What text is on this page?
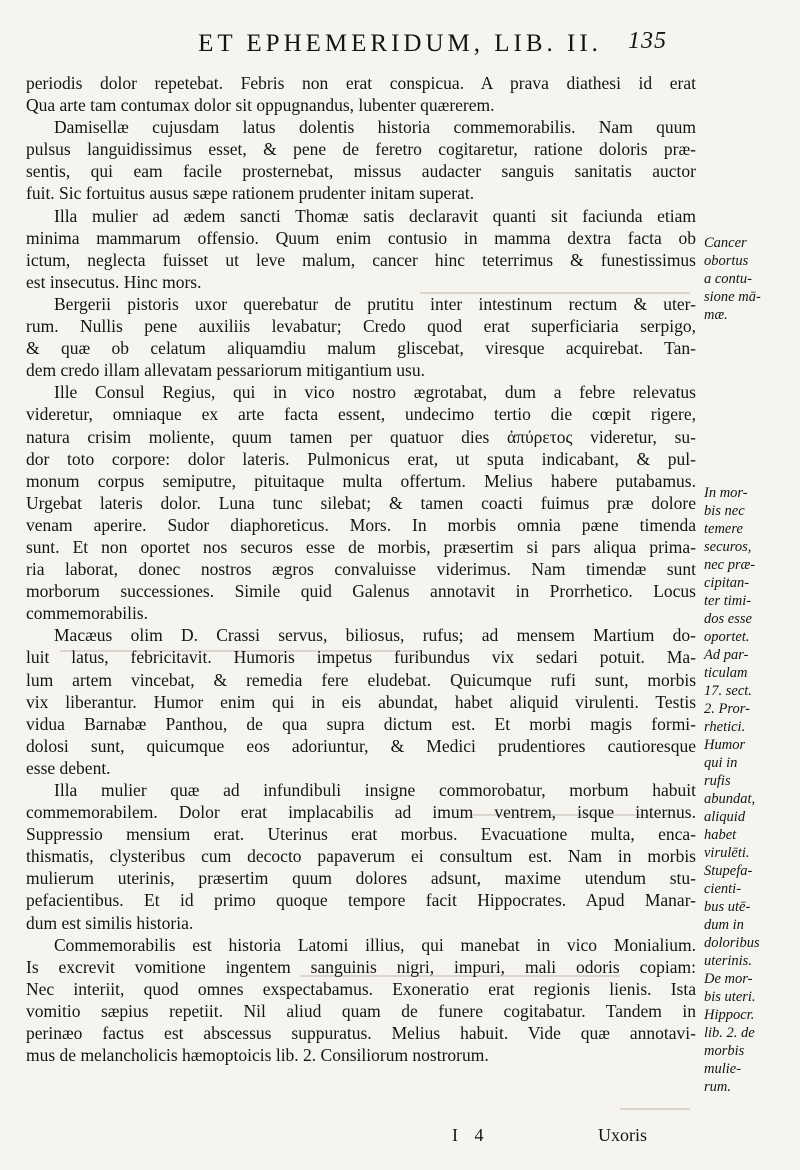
ET EPHEMERIDUM, LIB. II.	135
periodis dolor repetebat. Febris non erat conspicua. A prava diathesi id erat
Qua arte tam contumax dolor sit oppugnandus, lubenter quærerem.
Damisellæ cujusdam latus dolentis historia commemorabilis. Nam quum
pulsus languidissimus esset, & pene de feretro cogitaretur, ratione doloris præ-
sentis, qui eam facile prosternebat, missus audacter sanguis sanitatis auctor
fuit. Sic fortuitus ausus sæpe rationem prudenter initam superat.
Illa mulier ad ædem sancti Thomæ satis declaravit quanti sit faciunda etiam
minima mammarum offensio. Quum enim contusio in mamma dextra facta ob
ictum, neglecta fuisset ut leve malum, cancer hinc teterrimus & funestissimus
est insecutus. Hinc mors.
Bergerii pistoris uxor querebatur de prutitu inter intestinum rectum & uter-
rum. Nullis pene auxiliis levabatur; Credo quod erat superficiaria serpigo,
& quæ ob celatum aliquamdiu malum gliscebat, viresque acquirebat. Tan-
dem credo illam allevatam pessariorum mitigantium usu.
Ille Consul Regius, qui in vico nostro ægrotabat, dum a febre relevatus
videretur, omniaque ex arte facta essent, undecimo tertio die cœpit rigere,
natura crisim moliente, quum tamen per quatuor dies ἀπύρετος videretur, su-
dor toto corpore: dolor lateris. Pulmonicus erat, ut sputa indicabant, & pul-
monum corpus semiputre, pituitaque multa offertum. Melius habere putabamus.
Urgebat lateris dolor. Luna tunc silebat; & tamen coacti fuimus præ dolore
venam aperire. Sudor diaphoreticus. Mors. In morbis omnia pæne timenda
sunt. Et non oportet nos securos esse de morbis, præsertim si pars aliqua prima-
ria laborat, donec nostros ægros convaluisse viderimus. Nam timendæ sunt
morborum successiones. Simile quid Galenus annotavit in Prorrhetico. Locus
commemorabilis.
Macæus olim D. Crassi servus, biliosus, rufus; ad mensem Martium do-
luit latus, febricitavit. Humoris impetus furibundus vix sedari potuit. Ma-
lum artem vincebat, & remedia fere eludebat. Quicumque rufi sunt, morbis
vix liberantur. Humor enim qui in eis abundat, habet aliquid virulenti. Testis
vidua Barnabæ Panthou, de qua supra dictum est. Et morbi magis formi-
dolosi sunt, quicumque eos adoriuntur, & Medici prudentiores cautioresque
esse debent.
Illa mulier quæ ad infundibuli insigne commorobatur, morbum habuit
commemorabilem. Dolor erat implacabilis ad imum ventrem, isque internus.
Suppressio mensium erat. Uterinus erat morbus. Evacuatione multa, enca-
thismatis, clysteribus cum decocto papaverum ei consultum est. Nam in morbis
mulierum uterinis, præsertim quum dolores adsunt, maxime utendum stu-
pefacientibus. Et id primo quoque tempore facit Hippocrates. Apud Manar-
dum est similis historia.
Commemorabilis est historia Latomi illius, qui manebat in vico Monialium.
Is excrevit vomitione ingentem sanguinis nigri, impuri, mali odoris copiam:
Nec interiit, quod omnes exspectabamus. Exoneratio erat regionis lienis. Ista
vomitio sæpius repetiit. Nil aliud quam de funere cogitabatur. Tandem in
perinæo factus est abscessus suppuratus. Melius habuit. Vide quæ annotavi-
mus de melancholicis hæmoptoicis lib. 2. Consiliorum nostrorum.
Cancer
obortus
a contu-
sione mā-
mæ.
In mor-
bis nec
temere
securos,
nec præ-
cipitan-
ter timi-
dos esse
oportet.
Ad par-
ticulam
17. sect.
2. Pror-
rhetici.
Humor
qui in
rufis
abundat,
aliquid
habet
virulēti.
Stupefa-
cienti-
bus utē-
dum in
doloribus
uterinis.
De mor-
bis uteri.
Hippocr.
lib. 2. de
morbis
mulie-
rum.
I 4	Uxoris
